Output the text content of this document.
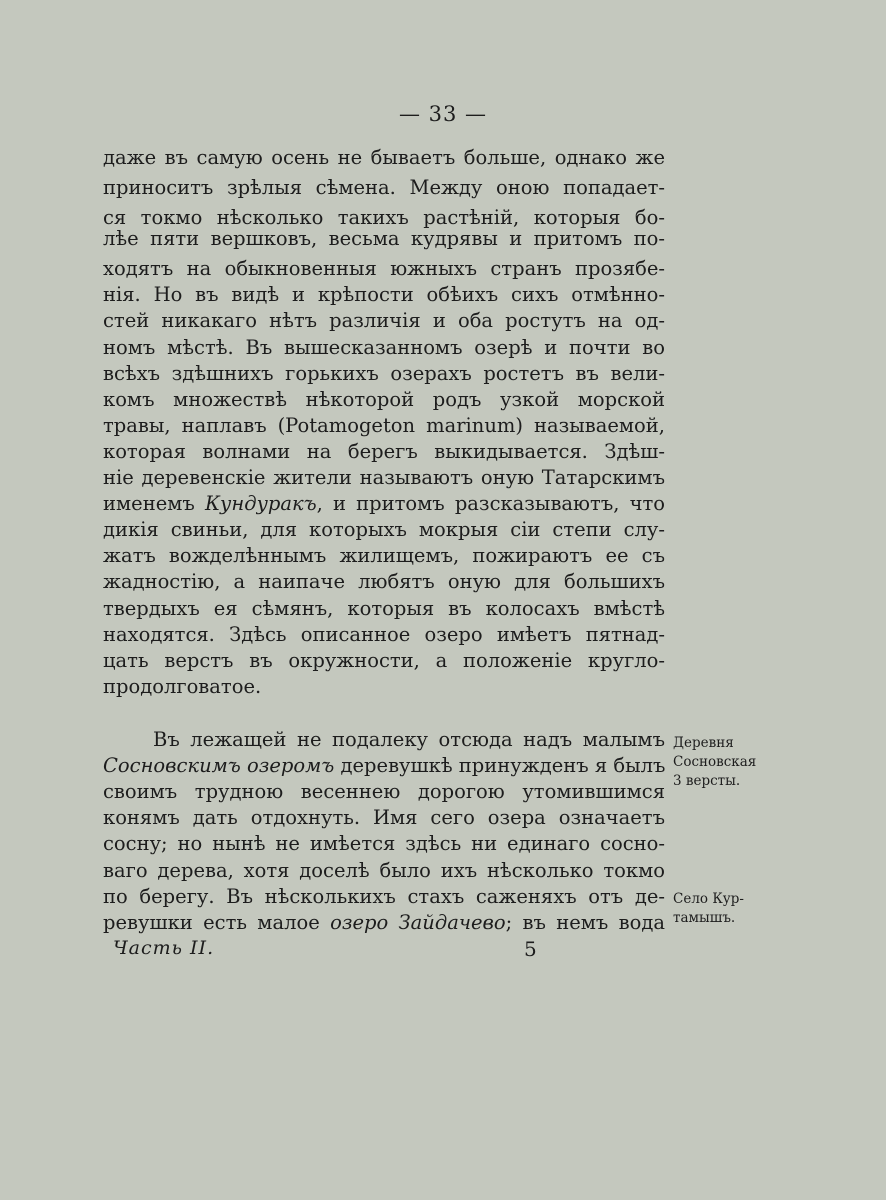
— 33 —
даже въ самую осень не бываетъ больше, однако же
приноситъ зрѣлыя сѣмена. Между оною попадает-
ся токмо нѣсколько такихъ растѣнiй, которыя бо-
лѣе пяти вершковъ, весьма кудрявы и притомъ по-
ходятъ на обыкновенныя южныхъ странъ прозябе-
нiя. Но въ видѣ и крѣпости обѣихъ сихъ отмѣнно-
стей никакаго нѣтъ различiя и оба ростутъ на од-
номъ мѣстѣ. Въ вышесказанномъ озерѣ и почти во
всѣхъ здѣшнихъ горькихъ озерахъ ростетъ въ вели-
комъ множествѣ нѣкоторой родъ узкой морской
травы, наплавъ (Potamogeton marinum) называемой,
которая волнами на берегъ выкидывается. Здѣш-
нiе деревенскiе жители называютъ оную Татарскимъ
именемъ Кундуракъ, и притомъ разсказываютъ, что
дикiя свиньи, для которыхъ мокрыя сiи степи слу-
жатъ вожделѣннымъ жилищемъ, пожираютъ ее съ
жадностiю, а наипаче любятъ оную для большихъ
твердыхъ ея сѣмянъ, которыя въ колосахъ вмѣстѣ
находятся. Здѣсь описанное озеро имѣетъ пятнад-
цать верстъ въ окружности, а положенiе кругло-
продолговатое.
Въ лежащей не подалеку отсюда надъ малымъ
Сосновскимъ озеромъ деревушкѣ принужденъ я былъ
своимъ трудною весеннею дорогою утомившимся
конямъ дать отдохнуть. Имя сего озера означаетъ
сосну; но нынѣ не имѣется здѣсь ни единаго сосно-
ваго дерева, хотя доселѣ было ихъ нѣсколько токмо
по берегу. Въ нѣсколькихъ стахъ саженяхъ отъ де-
ревушки есть малое озеро Зайдачево; въ немъ вода
Деревня
Сосновская
3 версты.
Село Кур-
тамышъ.
Часть II.	5
